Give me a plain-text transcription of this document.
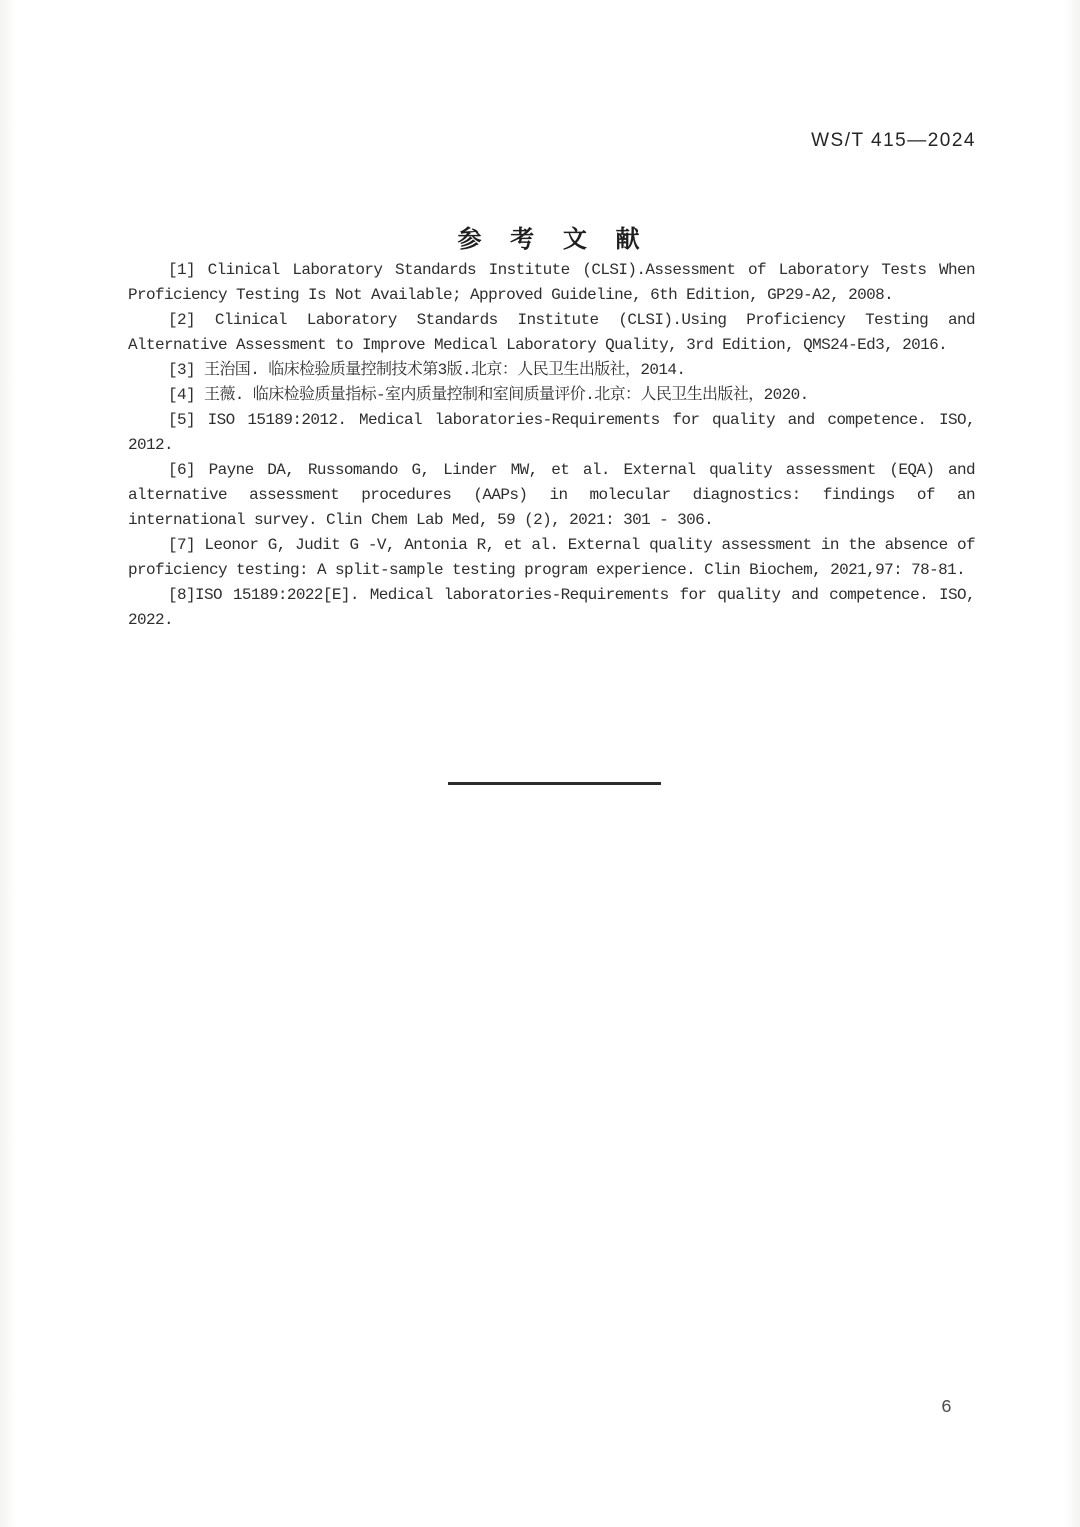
WS/T 415—2024
参 考 文 献

[1] Clinical Laboratory Standards Institute (CLSI).Assessment of Laboratory Tests When Proficiency Testing Is Not Available; Approved Guideline, 6th Edition, GP29-A2, 2008.

[2] Clinical Laboratory Standards Institute (CLSI).Using Proficiency Testing and Alternative Assessment to Improve Medical Laboratory Quality, 3rd Edition, QMS24-Ed3, 2016.

[3] 王治国. 临床检验质量控制技术第3版.北京：人民卫生出版社，2014.

[4] 王薇. 临床检验质量指标-室内质量控制和室间质量评价.北京：人民卫生出版社，2020.

[5] ISO 15189:2012. Medical laboratories-Requirements for quality and competence. ISO, 2012.

[6] Payne DA, Russomando G, Linder MW, et al. External quality assessment (EQA) and alternative assessment procedures (AAPs) in molecular diagnostics: findings of an international survey. Clin Chem Lab Med, 59 (2), 2021: 301 - 306.

[7] Leonor G, Judit G -V, Antonia R, et al. External quality assessment in the absence of proficiency testing: A split-sample testing program experience. Clin Biochem, 2021,97: 78-81.

[8]ISO 15189:2022[E]. Medical laboratories-Requirements for quality and competence. ISO, 2022.

6
